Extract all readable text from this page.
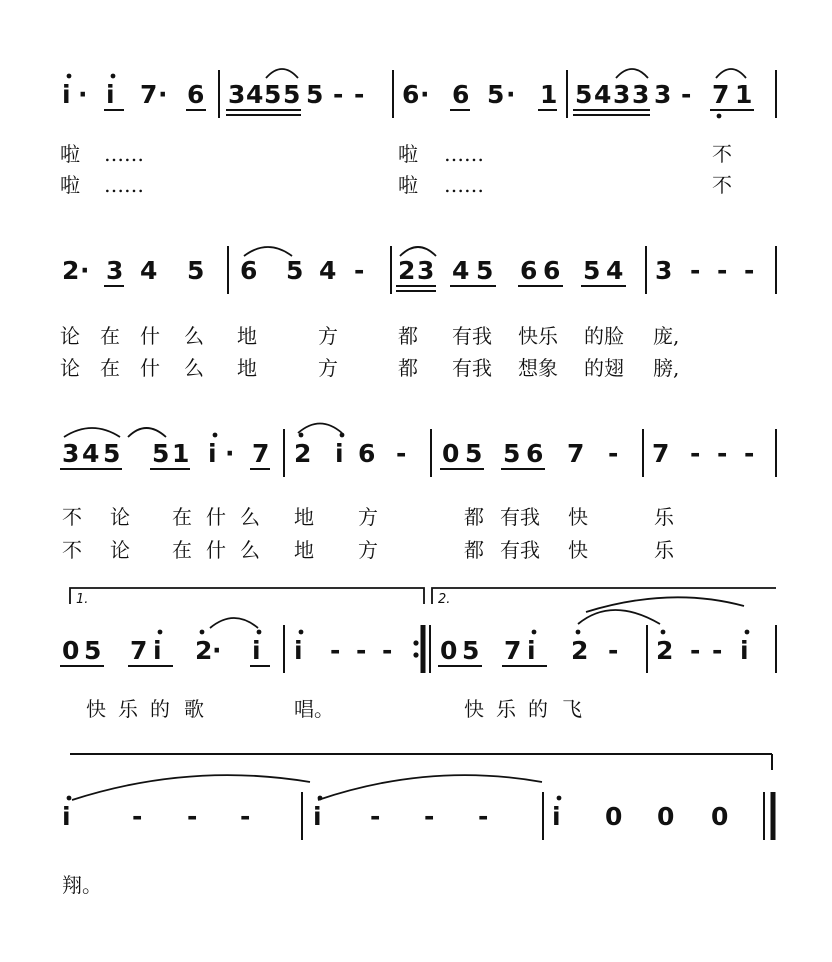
i · i 7 · 6 3 4 5 5 5 - - 6 · 6 5 · 1 5 4 3 3 3 - 7 1
啦 ……	啦 ……	不
啦 ……	啦 ……	不
2 · 3 4 5 6 5 4 - 2 3 4 5 6 6 5 4 3 - - -
论 在 什 么 地	方	都 有我 快乐 的脸 庞,
论 在 什 么 地	方	都 有我 想象 的翅 膀,
3 4 5 5 1 i · 7 2 i 6 - 0 5 5 6 7 - 7 - - -
不 论 在 什 么 地 方	都 有我 快	乐
不 论 在 什 么 地 方	都 有我 快	乐
1.	2.
0 5 7 i 2 · i i - - - 0 5 7 i 2 - 2 - - i
快 乐 的 歌	唱。	快 乐 的 飞
i - - -	i - - -	i 0 0 0
翔。
